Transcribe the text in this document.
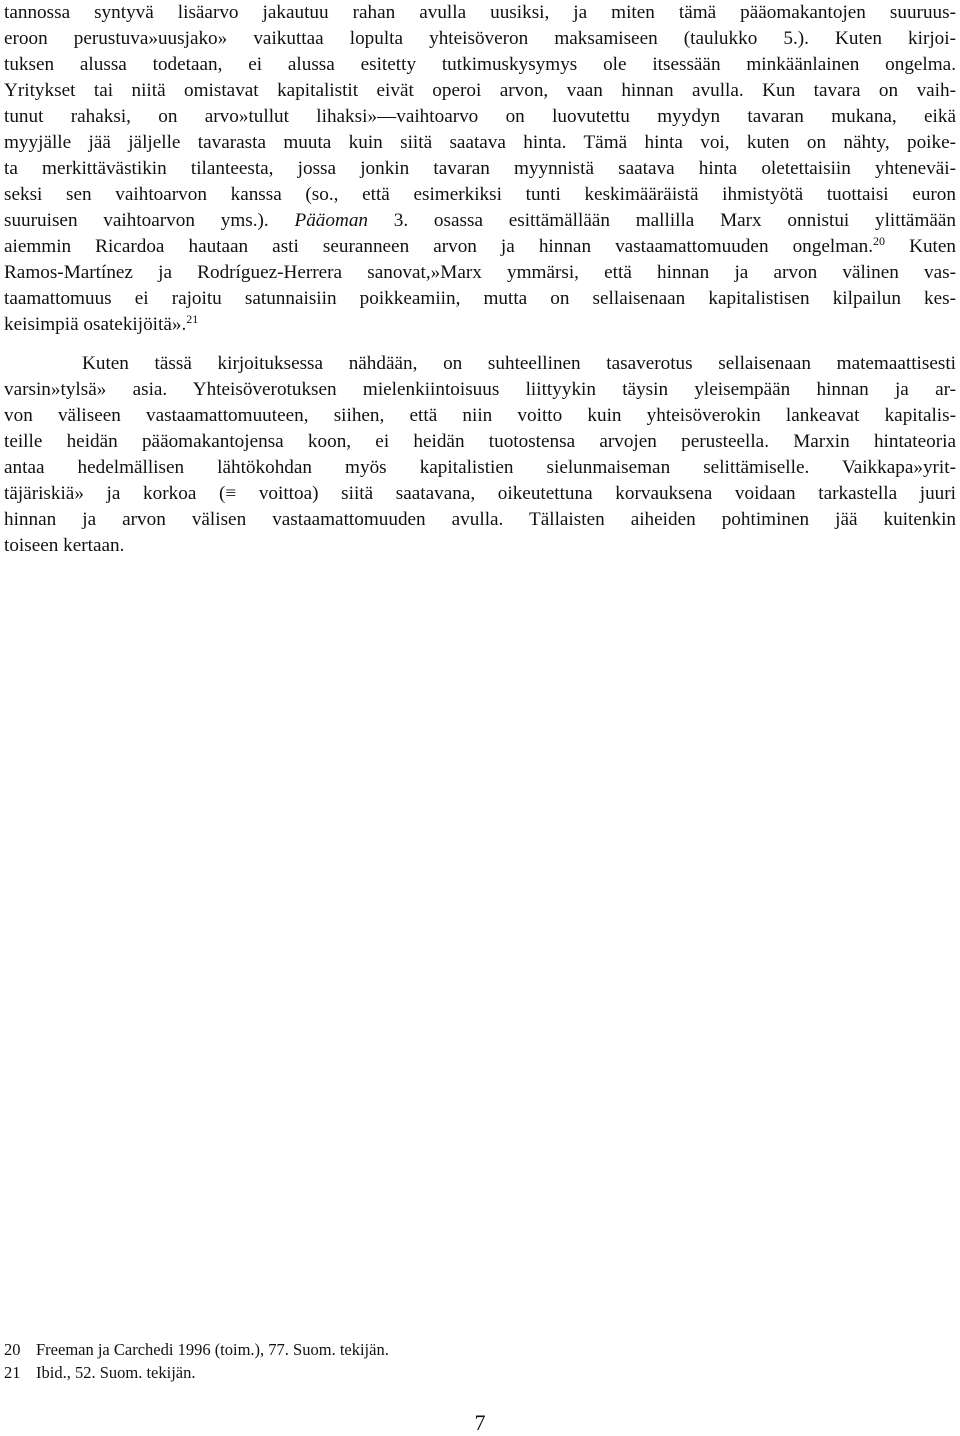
tannossa syntyvä lisäarvo jakautuu rahan avulla uusiksi, ja miten tämä pääomakantojen suuruus-
eroon perustuva»uusjako» vaikuttaa lopulta yhteisöveron maksamiseen (taulukko 5.). Kuten kirjoi-
tuksen alussa todetaan, ei alussa esitetty tutkimuskysymys ole itsessään minkäänlainen ongelma.
Yritykset tai niitä omistavat kapitalistit eivät operoi arvon, vaan hinnan avulla. Kun tavara on vaih-
tunut rahaksi, on arvo»tullut lihaksi»—vaihtoarvo on luovutettu myydyn tavaran mukana, eikä
myyjälle jää jäljelle tavarasta muuta kuin siitä saatava hinta. Tämä hinta voi, kuten on nähty, poike-
ta merkittävästikin tilanteesta, jossa jonkin tavaran myynnistä saatava hinta oletettaisiin yhteneväi-
seksi sen vaihtoarvon kanssa (so., että esimerkiksi tunti keskimääräistä ihmistyötä tuottaisi euron
suuruisen vaihtoarvon yms.). Pääoman 3. osassa esittämällään mallilla Marx onnistui ylittämään
aiemmin Ricardoa hautaan asti seuranneen arvon ja hinnan vastaamattomuuden ongelman.$^{20}$ Kuten
Ramos-Martínez ja Rodríguez-Herrera sanovat,»Marx ymmärsi, että hinnan ja arvon välinen vas-
taamattomuus ei rajoitu satunnaisiin poikkeamiin, mutta on sellaisenaan kapitalistisen kilpailun kes-
keisimpiä osatekijöitä».$^{21}$
Kuten tässä kirjoituksessa nähdään, on suhteellinen tasaverotus sellaisenaan matemaattisesti
varsin»tylsä» asia. Yhteisöverotuksen mielenkiintoisuus liittyykin täysin yleisempään hinnan ja ar-
von väliseen vastaamattomuuteen, siihen, että niin voitto kuin yhteisöverokin lankeavat kapitalis-
teille heidän pääomakantojensa koon, ei heidän tuotostensa arvojen perusteella. Marxin hintateoria
antaa hedelmällisen lähtökohdan myös kapitalistien sielunmaiseman selittämiselle. Vaikkapa»yrit-
täjäriskiä» ja korkoa (≡ voittoa) siitä saatavana, oikeutettuna korvauksena voidaan tarkastella juuri
hinnan ja arvon välisen vastaamattomuuden avulla. Tällaisten aiheiden pohtiminen jää kuitenkin
toiseen kertaan.
20 Freeman ja Carchedi 1996 (toim.), 77. Suom. tekijän.
21 Ibid., 52. Suom. tekijän.
7
